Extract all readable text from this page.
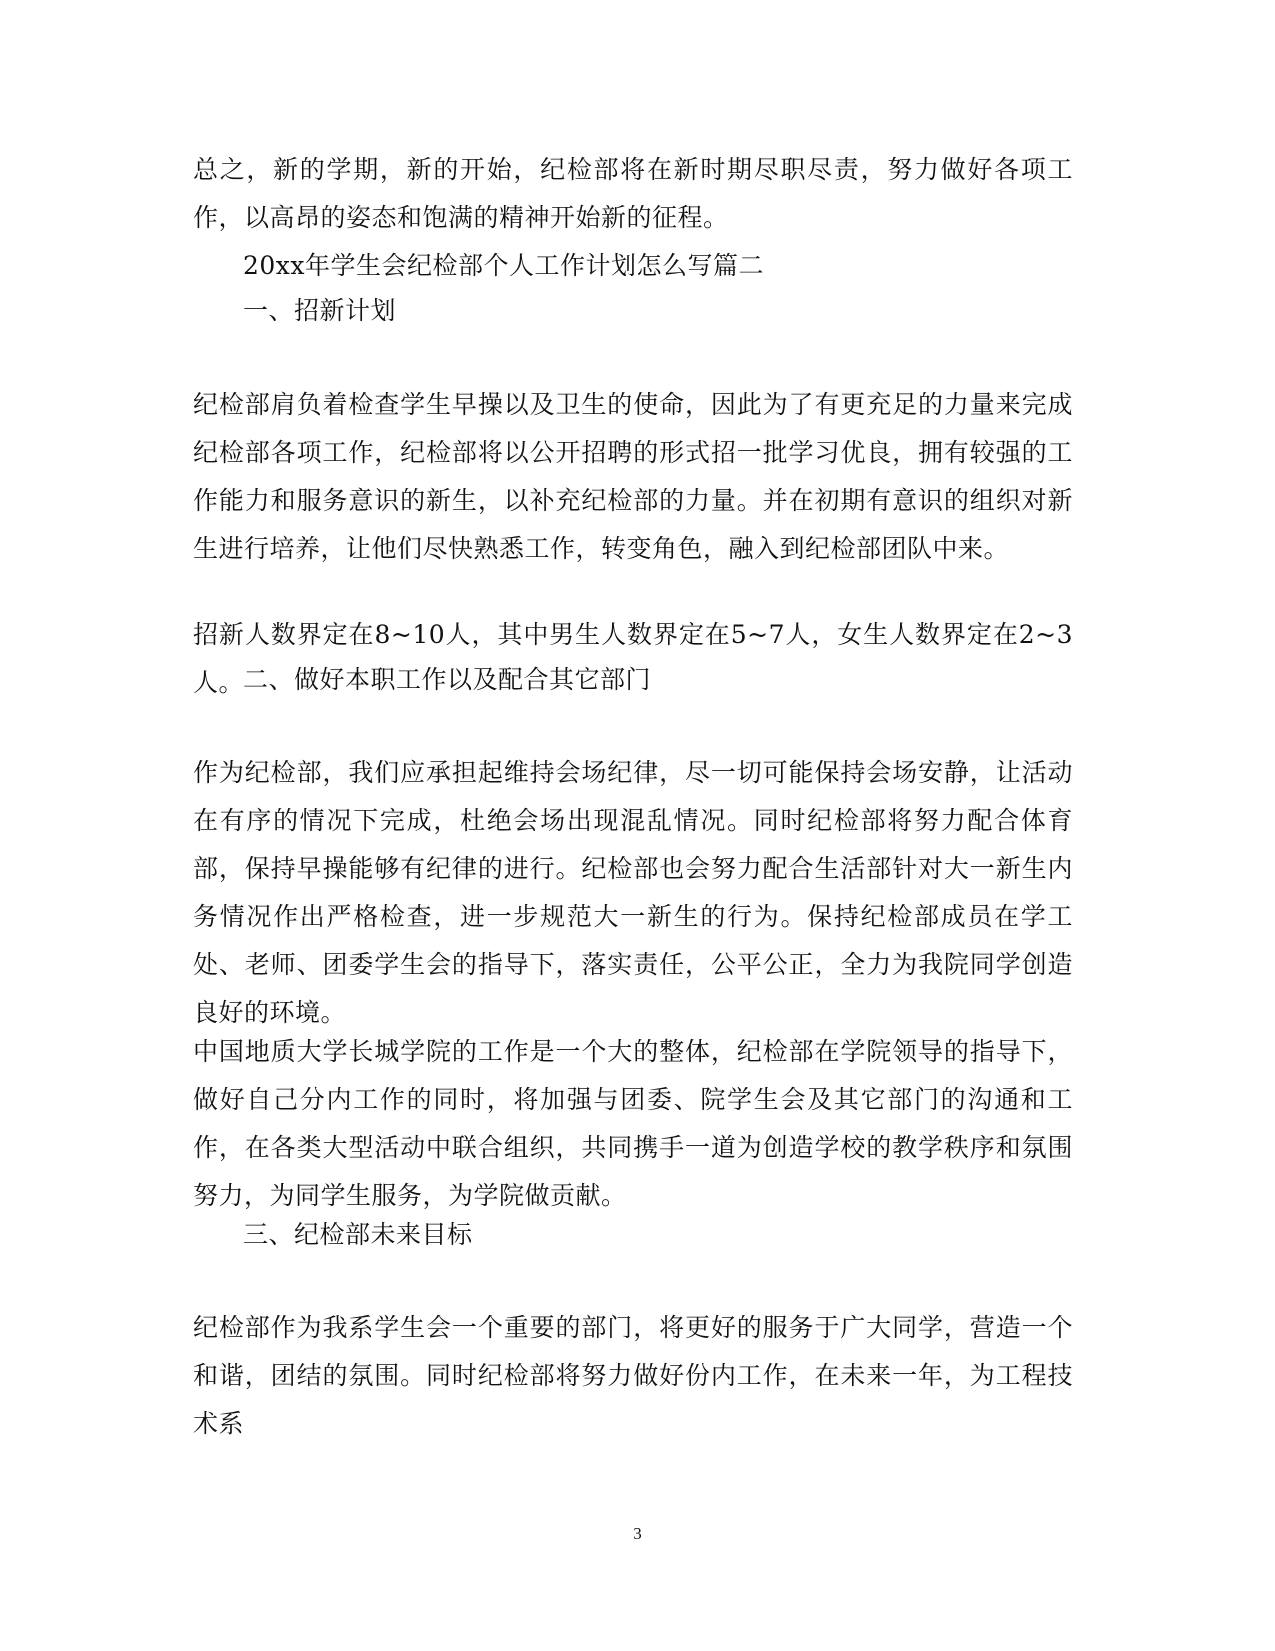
总之，新的学期，新的开始，纪检部将在新时期尽职尽责，努力做好各项工作，以高昂的姿态和饱满的精神开始新的征程。

20xx年学生会纪检部个人工作计划怎么写篇二

一、招新计划

纪检部肩负着检查学生早操以及卫生的使命，因此为了有更充足的力量来完成纪检部各项工作，纪检部将以公开招聘的形式招一批学习优良，拥有较强的工作能力和服务意识的新生，以补充纪检部的力量。并在初期有意识的组织对新生进行培养，让他们尽快熟悉工作，转变角色，融入到纪检部团队中来。

招新人数界定在8~10人，其中男生人数界定在5~7人，女生人数界定在2~3人。

二、做好本职工作以及配合其它部门

作为纪检部，我们应承担起维持会场纪律，尽一切可能保持会场安静，让活动在有序的情况下完成，杜绝会场出现混乱情况。同时纪检部将努力配合体育部，保持早操能够有纪律的进行。纪检部也会努力配合生活部针对大一新生内务情况作出严格检查，进一步规范大一新生的行为。保持纪检部成员在学工处、老师、团委学生会的指导下，落实责任，公平公正，全力为我院同学创造良好的环境。

中国地质大学长城学院的工作是一个大的整体，纪检部在学院领导的指导下，做好自己分内工作的同时，将加强与团委、院学生会及其它部门的沟通和工作，在各类大型活动中联合组织，共同携手一道为创造学校的教学秩序和氛围努力，为同学生服务，为学院做贡献。

三、纪检部未来目标

纪检部作为我系学生会一个重要的部门，将更好的服务于广大同学，营造一个和谐，团结的氛围。同时纪检部将努力做好份内工作，在未来一年，为工程技术系

3
